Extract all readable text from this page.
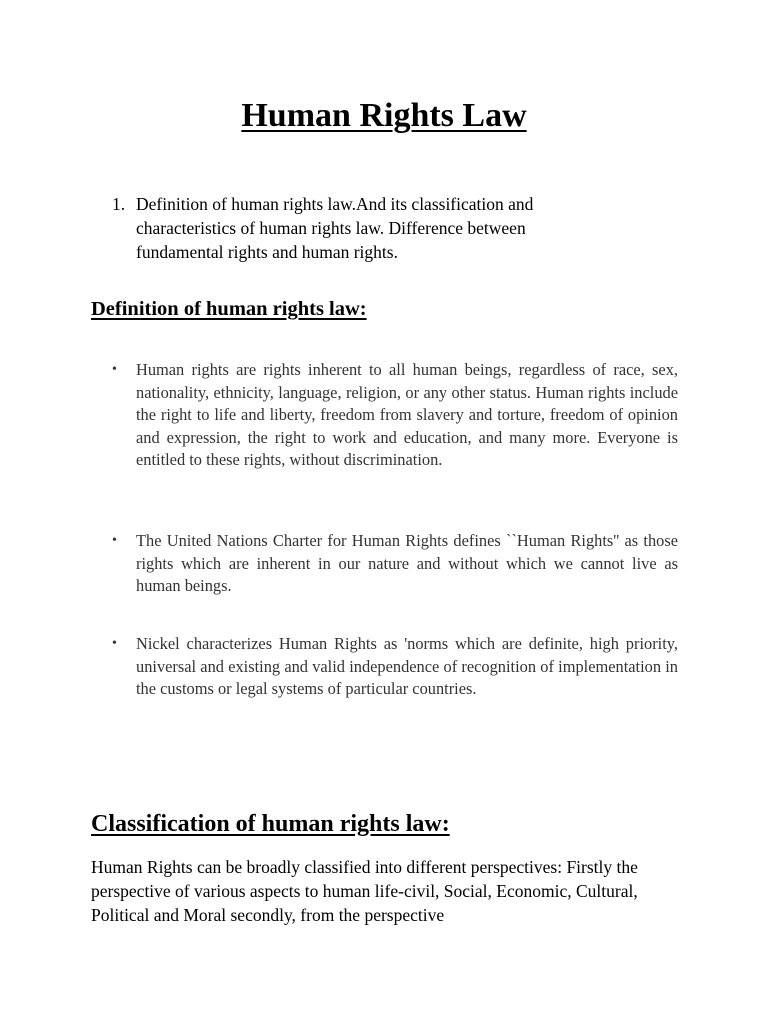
Human Rights Law
1. Definition of human rights law.And its classification and characteristics of human rights law. Difference between fundamental rights and human rights.
Definition of human rights law:
•	Human rights are rights inherent to all human beings, regardless of race, sex, nationality, ethnicity, language, religion, or any other status. Human rights include the right to life and liberty, freedom from slavery and torture, freedom of opinion and expression, the right to work and education, and many more. Everyone is entitled to these rights, without discrimination.
•	The United Nations Charter for Human Rights defines ``Human Rights'' as those rights which are inherent in our nature and without which we cannot live as human beings.
•	Nickel characterizes Human Rights as 'norms which are definite, high priority, universal and existing and valid independence of recognition of implementation in the customs or legal systems of particular countries.
Classification of human rights law:

Human Rights can be broadly classified into different perspectives: Firstly the perspective of various aspects to human life-civil, Social, Economic, Cultural, Political and Moral secondly, from the perspective
